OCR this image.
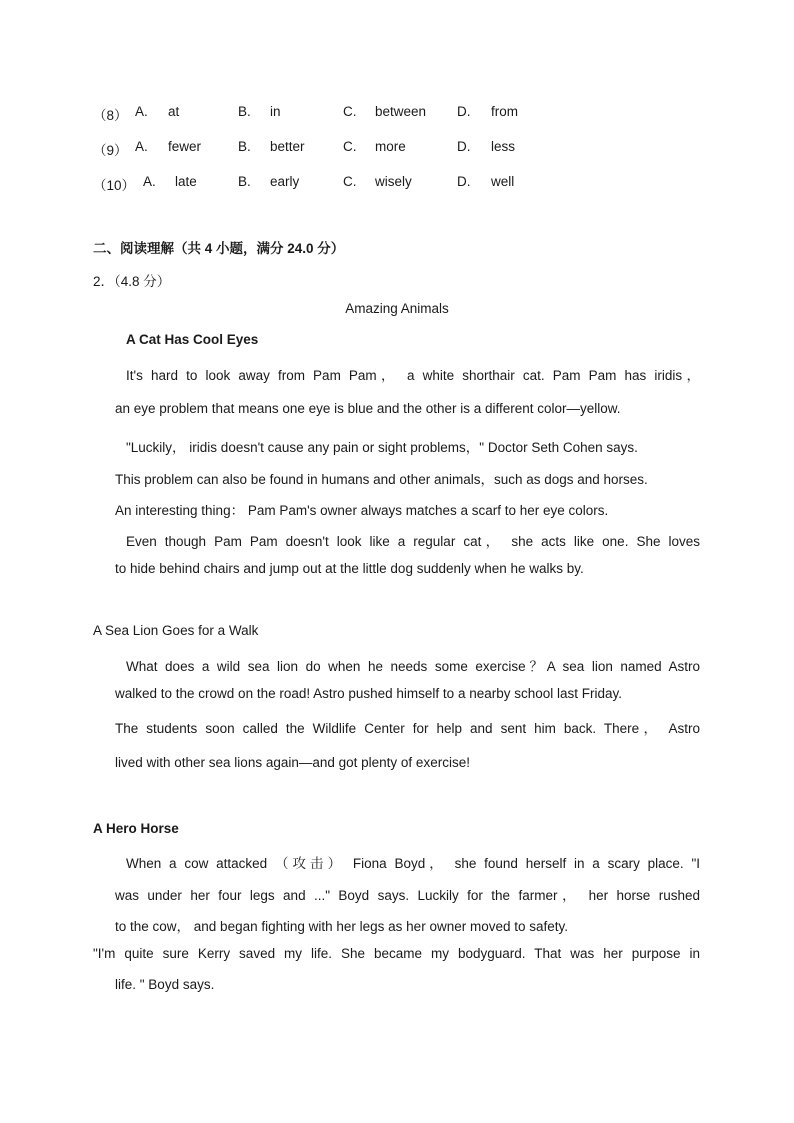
（8） A. at	B. in	C. between D. from
（9） A. fewer	B. better	C. more	D. less
（10） A. late	B. early	C. wisely	D. well
二、阅读理解（共 4 小题，满分 24.0 分）
2．（4.8 分）
Amazing Animals
A Cat Has Cool Eyes
It's hard to look away from Pam Pam， a white shorthair cat. Pam Pam has iridis，
an eye problem that means one eye is blue and the other is a different color—yellow.
"Luckily， iridis doesn't cause any pain or sight problems，" Doctor Seth Cohen says.
This problem can also be found in humans and other animals，such as dogs and horses.
An interesting thing： Pam Pam's owner always matches a scarf to her eye colors.
Even though Pam Pam doesn't look like a regular cat， she acts like one. She loves
to hide behind chairs and jump out at the little dog suddenly when he walks by.
A Sea Lion Goes for a Walk
What does a wild sea lion do when he needs some exercise？A sea lion named Astro
walked to the crowd on the road! Astro pushed himself to a nearby school last Friday.
The students soon called the Wildlife Center for help and sent him back. There， Astro
lived with other sea lions again—and got plenty of exercise!
A Hero Horse
When a cow attacked （攻击） Fiona Boyd， she found herself in a scary place. "I
was under her four legs and ..." Boyd says. Luckily for the farmer， her horse rushed
to the cow， and began fighting with her legs as her owner moved to safety.
"I'm quite sure Kerry saved my life. She became my bodyguard. That was her purpose in
life. " Boyd says.
